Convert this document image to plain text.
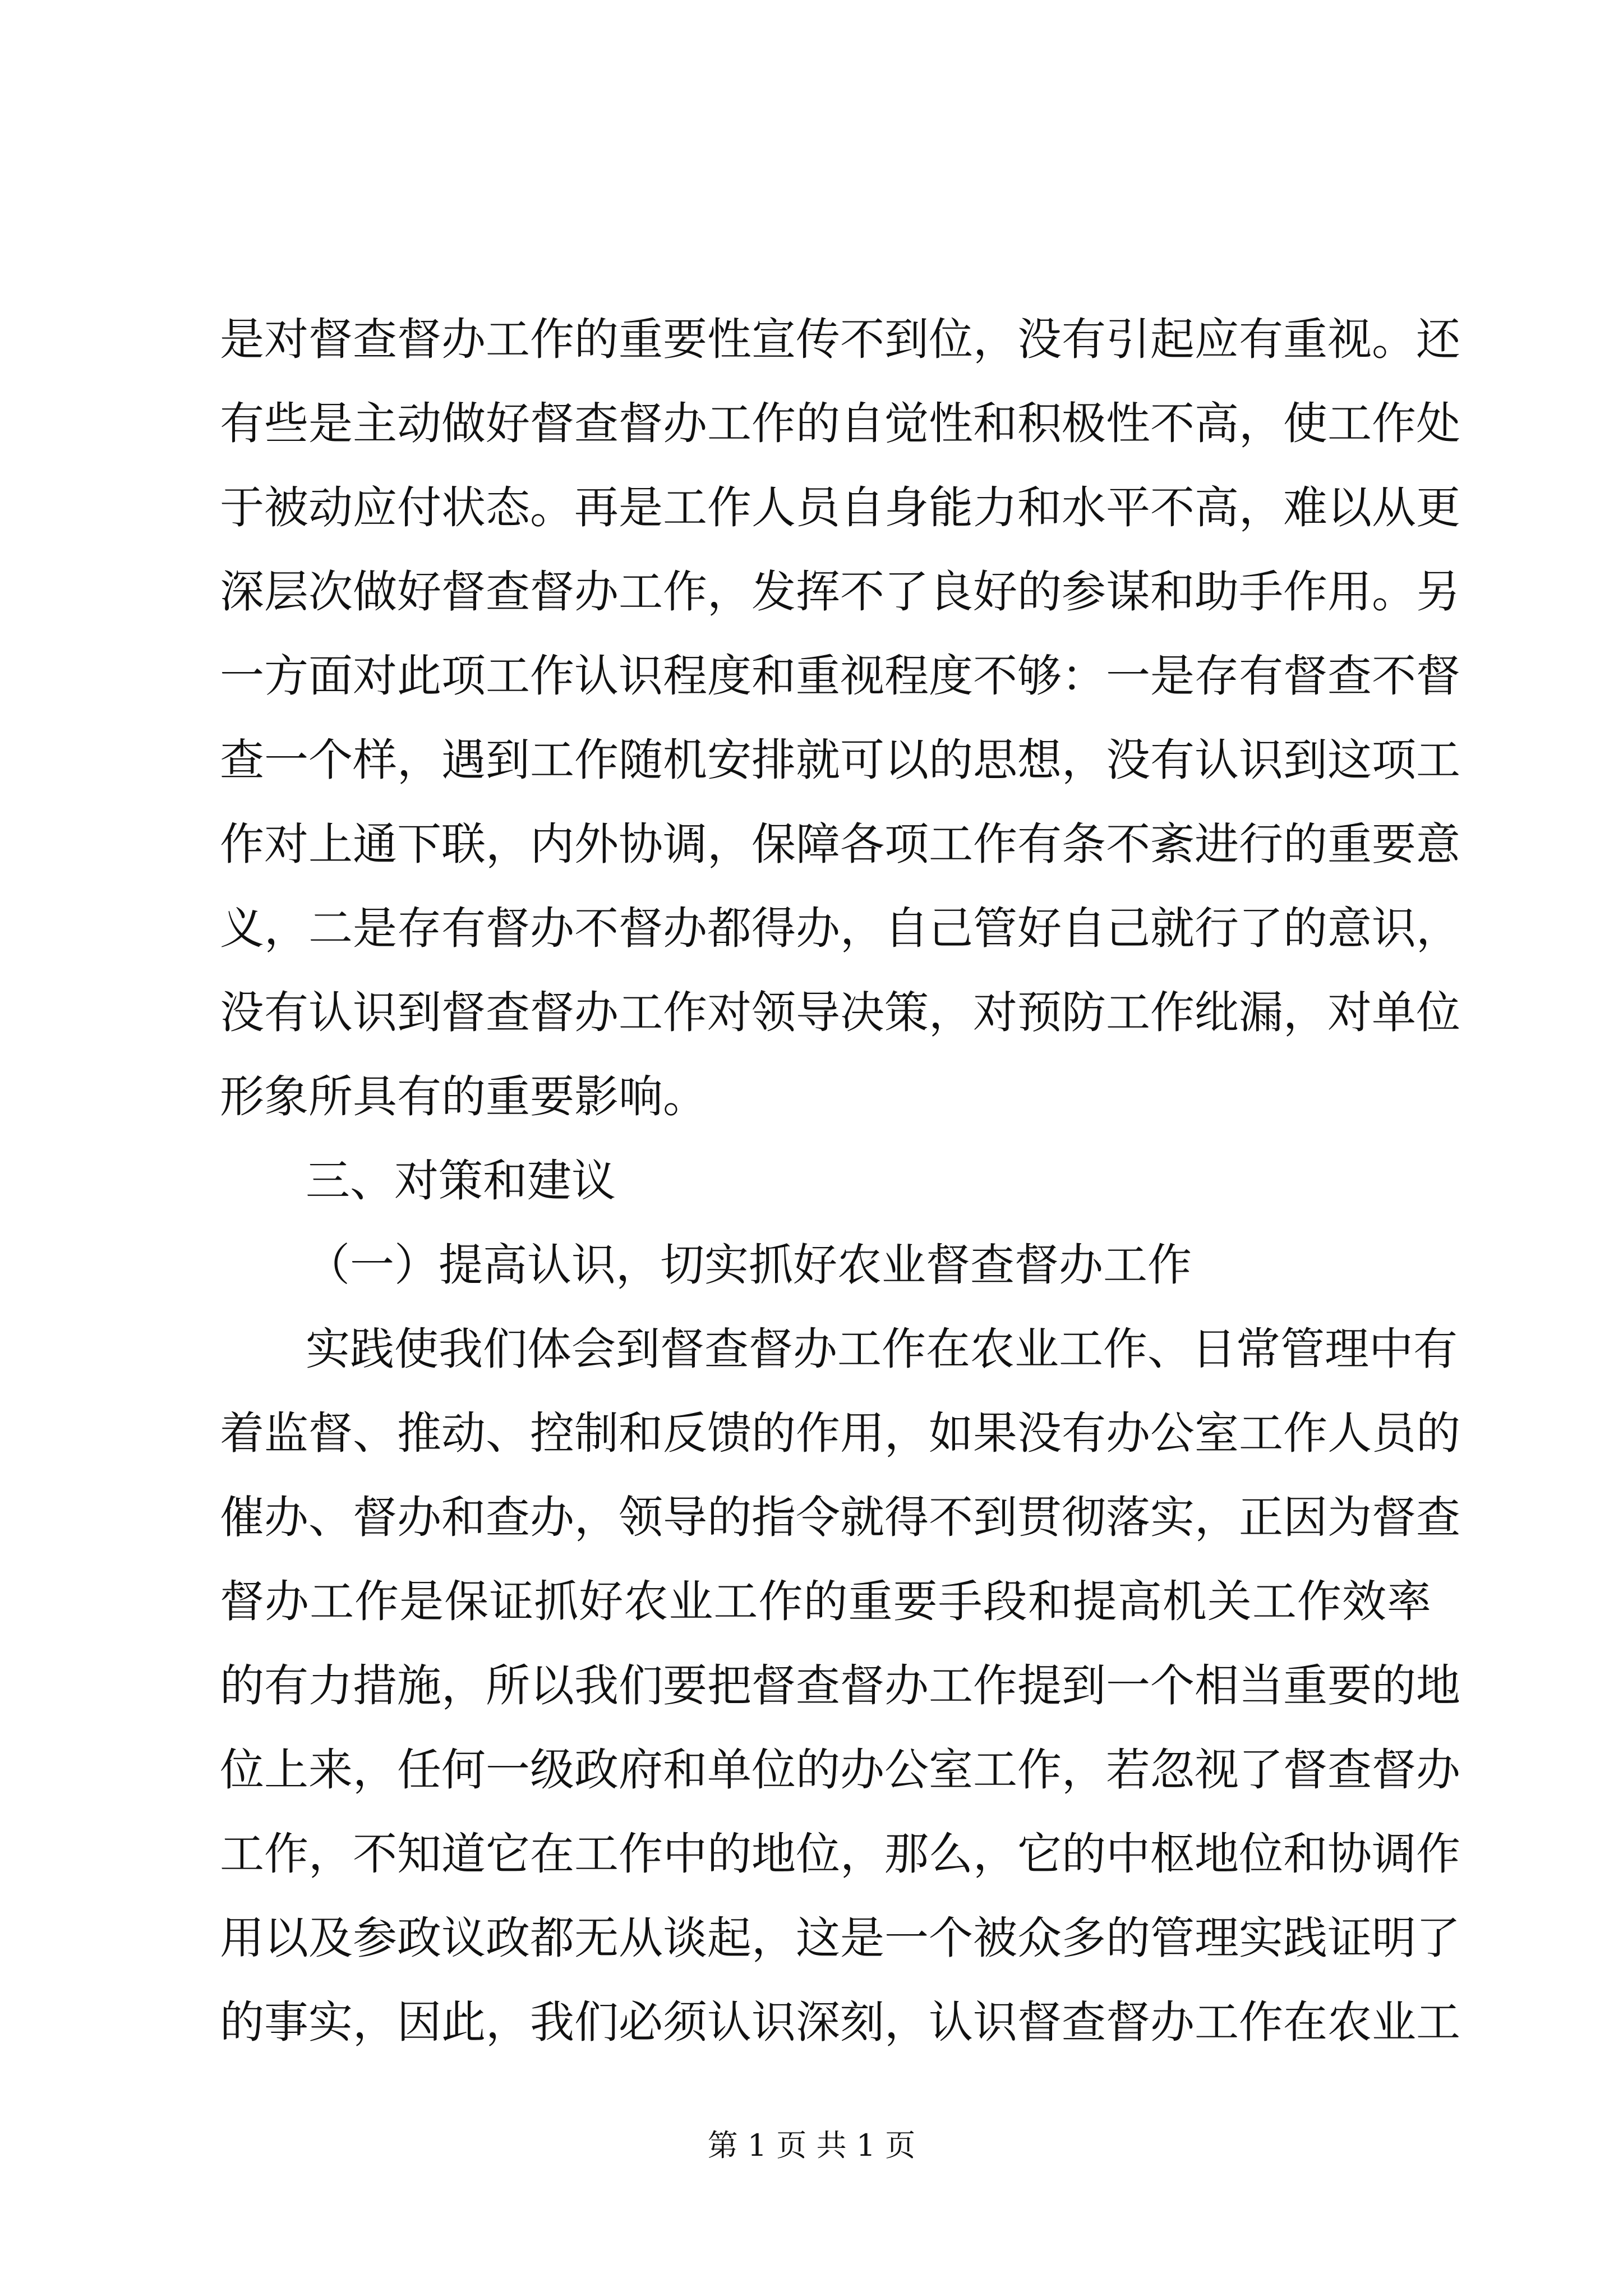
是对督查督办工作的重要性宣传不到位，没有引起应有重视。还
有些是主动做好督查督办工作的自觉性和积极性不高，使工作处
于被动应付状态。再是工作人员自身能力和水平不高，难以从更
深层次做好督查督办工作，发挥不了良好的参谋和助手作用。另
一方面对此项工作认识程度和重视程度不够：一是存有督查不督
查一个样，遇到工作随机安排就可以的思想，没有认识到这项工
作对上通下联，内外协调，保障各项工作有条不紊进行的重要意
义，二是存有督办不督办都得办，自己管好自己就行了的意识，
没有认识到督查督办工作对领导决策，对预防工作纰漏，对单位
形象所具有的重要影响。
三、对策和建议
（一）提高认识，切实抓好农业督查督办工作
实践使我们体会到督查督办工作在农业工作、日常管理中有
着监督、推动、控制和反馈的作用，如果没有办公室工作人员的
催办、督办和查办，领导的指令就得不到贯彻落实，正因为督查
督办工作是保证抓好农业工作的重要手段和提高机关工作效率
的有力措施，所以我们要把督查督办工作提到一个相当重要的地
位上来，任何一级政府和单位的办公室工作，若忽视了督查督办
工作，不知道它在工作中的地位，那么，它的中枢地位和协调作
用以及参政议政都无从谈起，这是一个被众多的管理实践证明了
的事实，因此，我们必须认识深刻，认识督查督办工作在农业工
第 1 页 共 1 页
